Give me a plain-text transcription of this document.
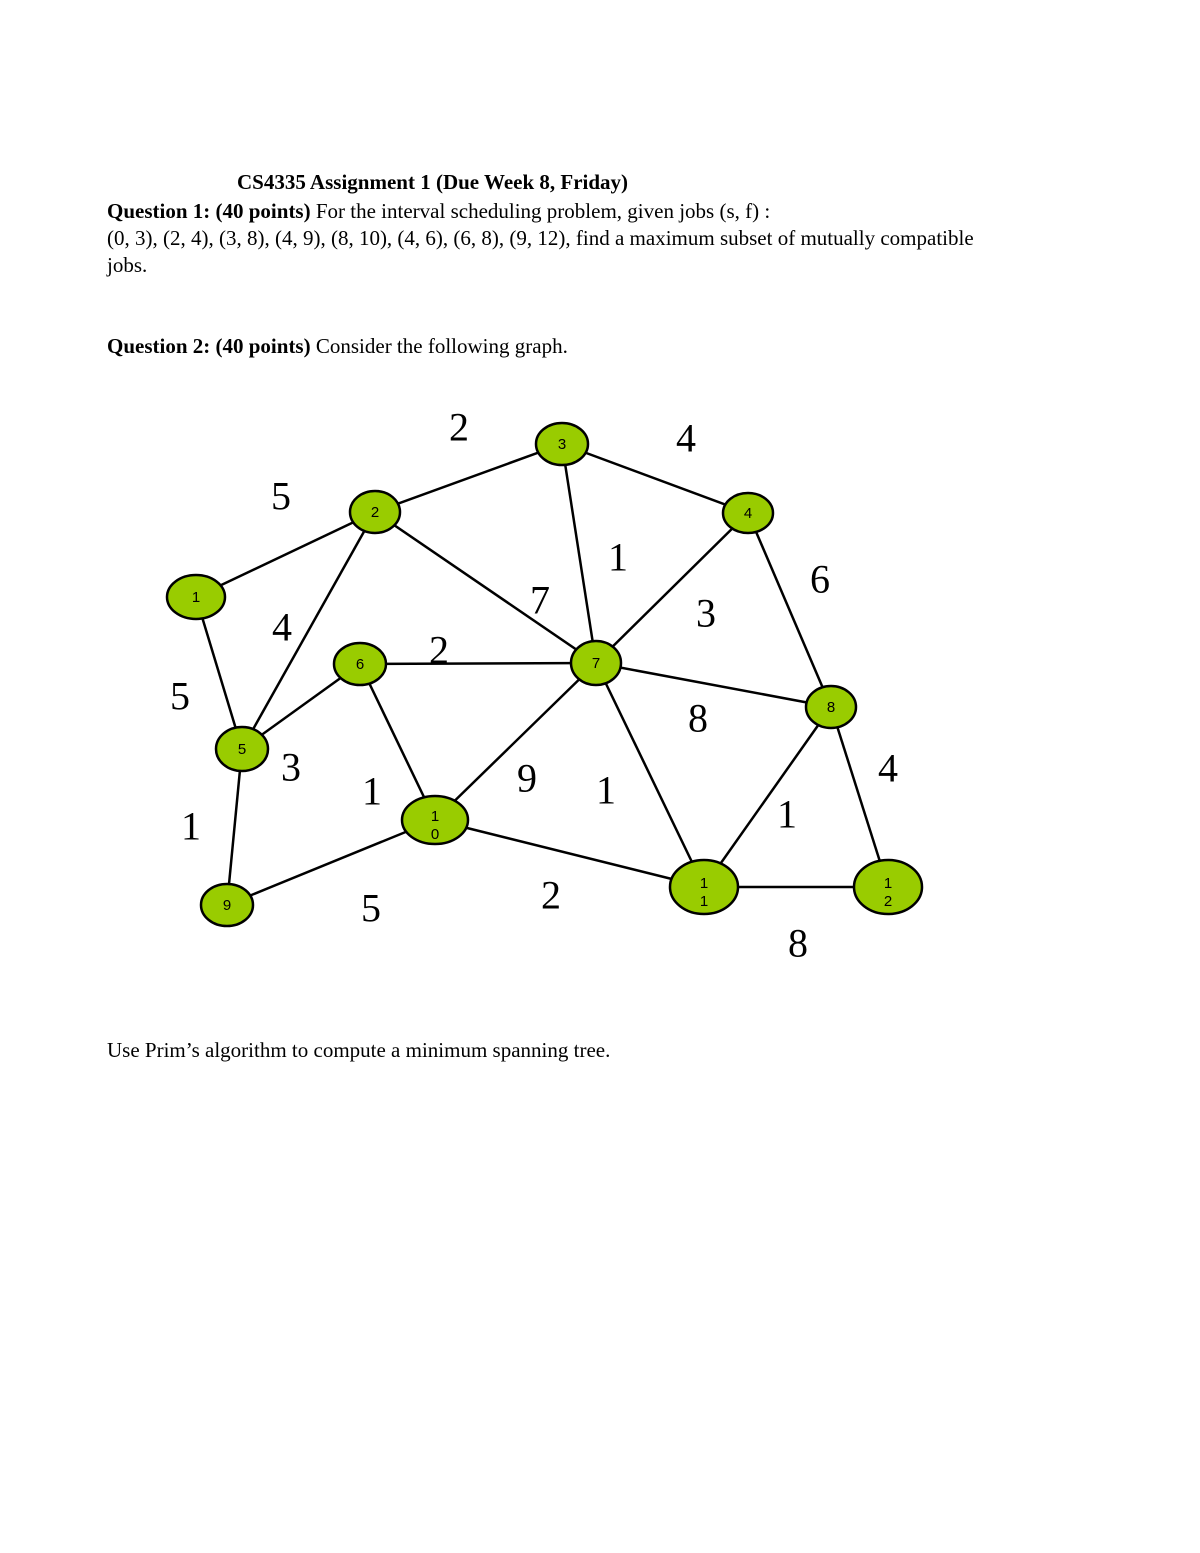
CS4335 Assignment 1 (Due Week 8, Friday)
Question 1: (40 points) For the interval scheduling problem, given jobs (s, f) :
(0, 3), (2, 4), (3, 8), (4, 9), (8, 10), (4, 6), (6, 8), (9, 12), find a maximum subset of mutually compatible
jobs.
Question 2: (40 points) Consider the following graph.
5
2	4
1
7	3
6
4
5
2
3
8
1	9 1
1
4
1
5	2
8
1
2
3
4
5
6	7
8
9
1
0
1
1
1
2
Use Prim’s algorithm to compute a minimum spanning tree.
